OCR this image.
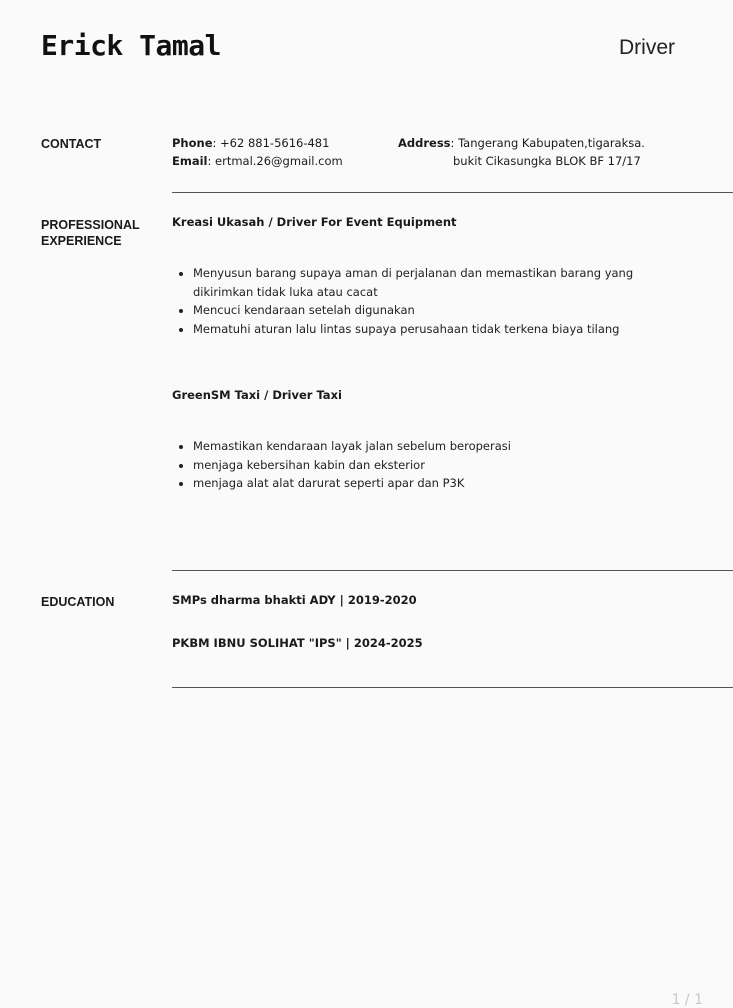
Erick Tamal	Driver
CONTACT	Phone: +62 881-5616-481
Email: ertmal.26@gmail.com
Address: Tangerang Kabupaten,tigaraksa.
bukit Cikasungka BLOK BF 17/17
PROFESSIONAL
EXPERIENCE
Kreasi Ukasah / Driver For Event Equipment
• Menyusun barang supaya aman di perjalanan dan memastikan barang yang dikirimkan tidak luka atau cacat
• Mencuci kendaraan setelah digunakan
• Mematuhi aturan lalu lintas supaya perusahaan tidak terkena biaya tilang
GreenSM Taxi / Driver Taxi
• Memastikan kendaraan layak jalan sebelum beroperasi
• menjaga kebersihan kabin dan eksterior
• menjaga alat alat darurat seperti apar dan P3K
EDUCATION	SMPs dharma bhakti ADY | 2019-2020
PKBM IBNU SOLIHAT "IPS" | 2024-2025
1 / 1
